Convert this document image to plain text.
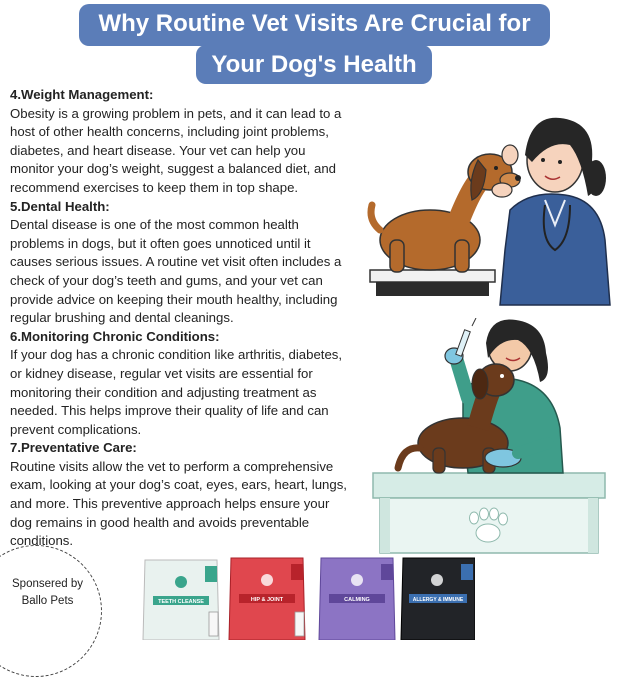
Why Routine Vet Visits Are Crucial for
Your Dog's Health
4.Weight Management:

Obesity is a growing problem in pets, and it can lead to a host of other health concerns, including joint problems, diabetes, and heart disease. Your vet can help you monitor your dog’s weight, suggest a balanced diet, and recommend exercises to keep them in top shape.

5.Dental Health:

Dental disease is one of the most common health problems in dogs, but it often goes unnoticed until it causes serious issues. A routine vet visit often includes a check of your dog’s teeth and gums, and your vet can provide advice on keeping their mouth healthy, including regular brushing and dental cleanings.

6.Monitoring Chronic Conditions:

If your dog has a chronic condition like arthritis, diabetes, or kidney disease, regular vet visits are essential for monitoring their condition and adjusting treatment as needed. This helps improve their quality of life and can prevent complications.

7.Preventative Care:

Routine visits allow the vet to perform a comprehensive exam, looking at your dog’s coat, eyes, ears, heart, lungs, and more. This preventive approach helps ensure your dog remains in good health and avoids preventable conditions.

Sponsered by
Ballo Pets	TEETH CLEANSE	HIP & JOINT	CALMING	ALLERGY & IMMUNE
